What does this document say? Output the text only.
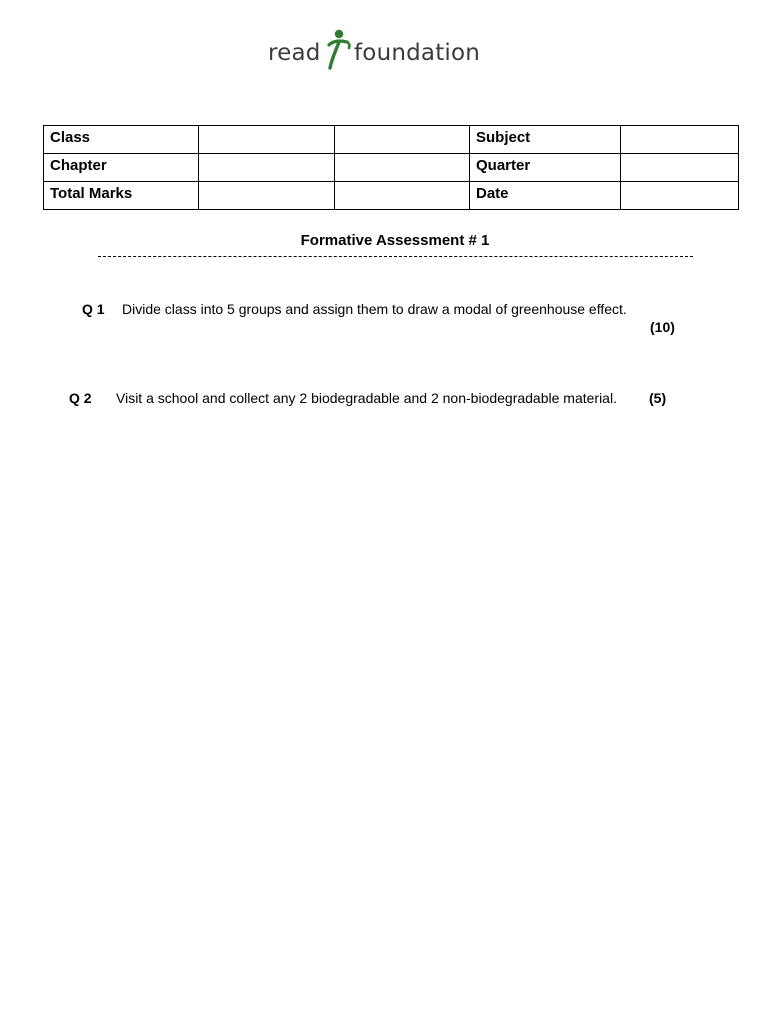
read foundation
Class			Subject	
Chapter			Quarter	
Total Marks			Date	
Formative Assessment # 1
Q 1 Divide class into 5 groups and assign them to draw a modal of greenhouse effect.
(10)
Q 2 Visit a school and collect any 2 biodegradable and 2 non-biodegradable material. (5)
